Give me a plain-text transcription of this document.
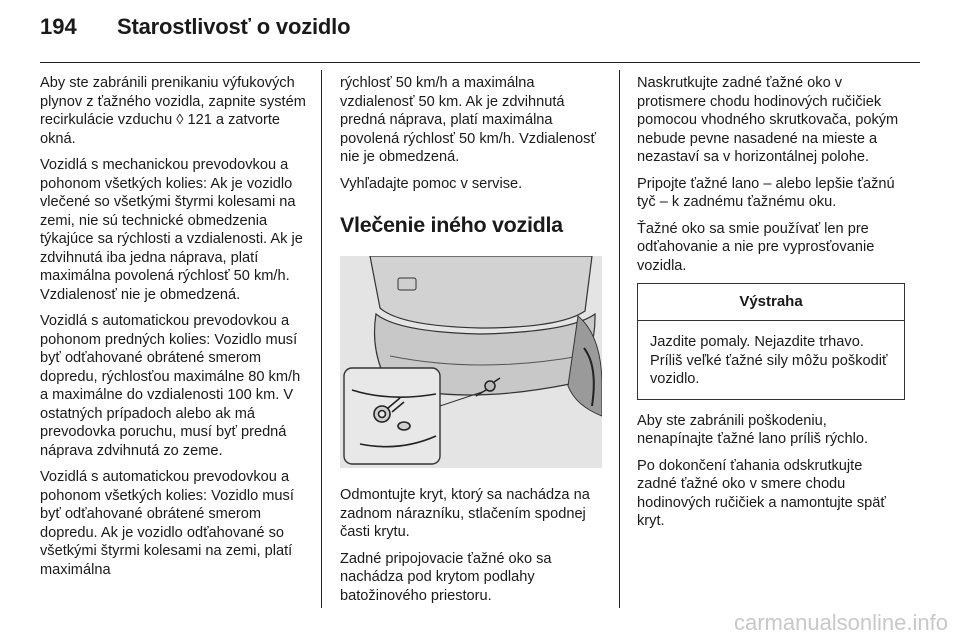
194 Starostlivosť o vozidlo

Aby ste zabránili prenikaniu výfukových plynov z ťažného vozidla, zapnite systém recirkulácie vzduchu ◊ 121 a zatvorte okná.

Vozidlá s mechanickou prevodovkou a pohonom všetkých kolies: Ak je vozidlo vlečené so všetkými štyrmi kolesami na zemi, nie sú technické obmedzenia týkajúce sa rýchlosti a vzdialenosti. Ak je zdvihnutá iba jedna náprava, platí maximálna povolená rýchlosť 50 km/h. Vzdialenosť nie je obmedzená.

Vozidlá s automatickou prevodovkou a pohonom predných kolies: Vozidlo musí byť odťahované obrátené smerom dopredu, rýchlosťou maximálne 80 km/h a maximálne do vzdialenosti 100 km. V ostatných prípadoch alebo ak má prevodovka poruchu, musí byť predná náprava zdvihnutá zo zeme.

Vozidlá s automatickou prevodovkou a pohonom všetkých kolies: Vozidlo musí byť odťahované obrátené smerom dopredu. Ak je vozidlo odťahované so všetkými štyrmi kolesami na zemi, platí maximálna

rýchlosť 50 km/h a maximálna vzdialenosť 50 km. Ak je zdvihnutá predná náprava, platí maximálna povolená rýchlosť 50 km/h. Vzdialenosť nie je obmedzená.

Vyhľadajte pomoc v servise.

Vlečenie iného vozidla

Odmontujte kryt, ktorý sa nachádza na zadnom nárazníku, stlačením spodnej časti krytu.

Zadné pripojovacie ťažné oko sa nachádza pod krytom podlahy batožinového priestoru.

Naskrutkujte zadné ťažné oko v protismere chodu hodinových ručičiek pomocou vhodného skrutkovača, pokým nebude pevne nasadené na mieste a nezastaví sa v horizontálnej polohe.

Pripojte ťažné lano – alebo lepšie ťažnú tyč – k zadnému ťažnému oku.

Ťažné oko sa smie používať len pre odťahovanie a nie pre vyprosťovanie vozidla.

Výstraha
Jazdite pomaly. Nejazdite trhavo. Príliš veľké ťažné sily môžu poškodiť vozidlo.

Aby ste zabránili poškodeniu, nenapínajte ťažné lano príliš rýchlo.

Po dokončení ťahania odskrutkujte zadné ťažné oko v smere chodu hodinových ručičiek a namontujte späť kryt.

carmanualsonline.info
